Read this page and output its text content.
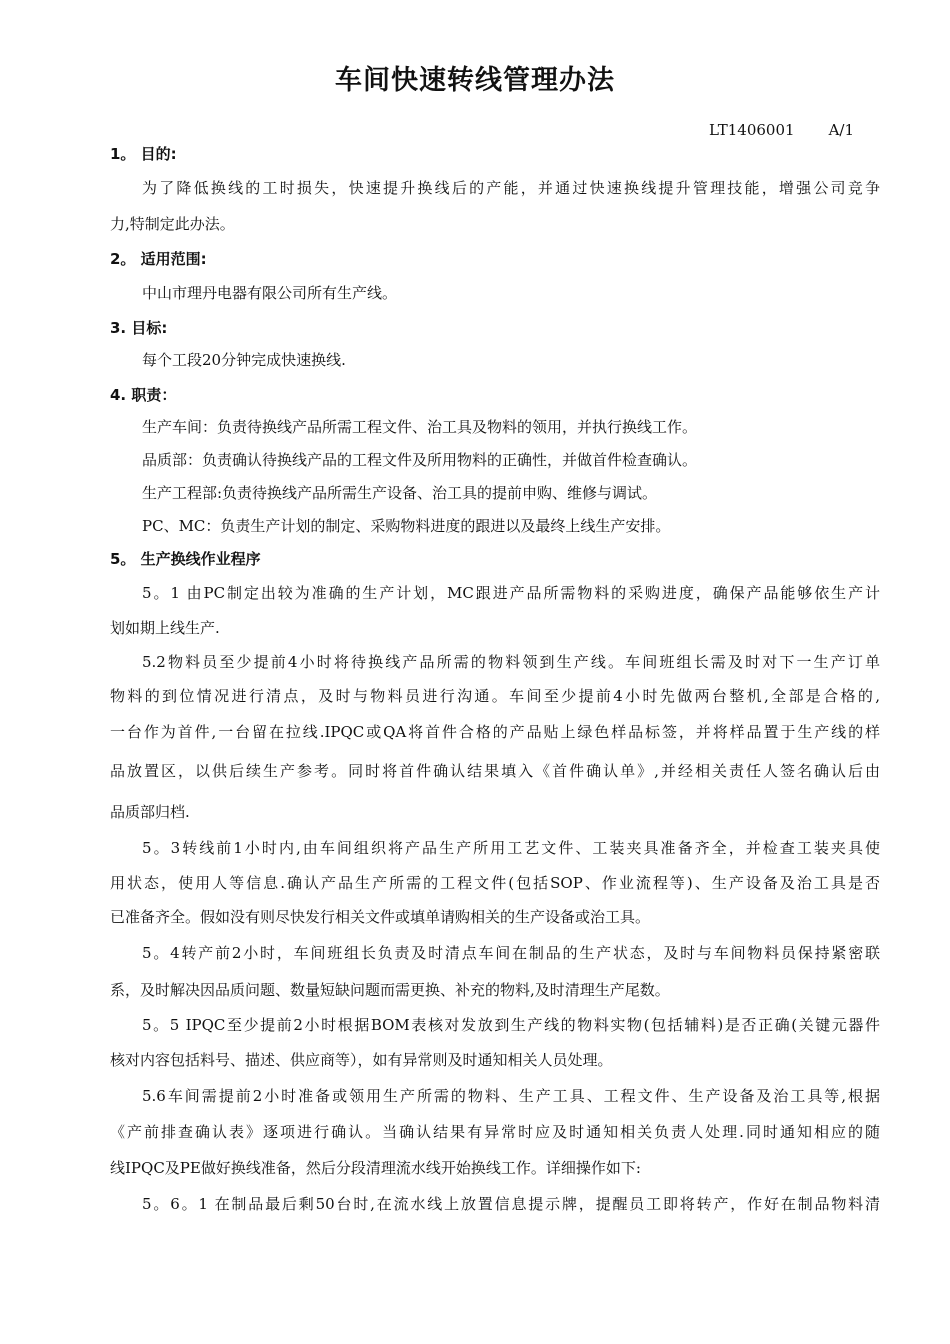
车间快速转线管理办法
LT1406001 A/1
1。 目的:
为了降低换线的工时损失，快速提升换线后的产能，并通过快速换线提升管理技能，增强公司竞争
力,特制定此办法。
2。 适用范围:
中山市理丹电器有限公司所有生产线。
3. 目标:
每个工段20分钟完成快速换线.
4. 职责：
生产车间：负责待换线产品所需工程文件、治工具及物料的领用，并执行换线工作。
品质部：负责确认待换线产品的工程文件及所用物料的正确性，并做首件检查确认。
生产工程部:负责待换线产品所需生产设备、治工具的提前申购、维修与调试。
PC、MC：负责生产计划的制定、采购物料进度的跟进以及最终上线生产安排。
5。 生产换线作业程序
5。1 由PC制定出较为准确的生产计划，MC跟进产品所需物料的采购进度，确保产品能够依生产计
划如期上线生产.
5.2物料员至少提前4小时将待换线产品所需的物料领到生产线。车间班组长需及时对下一生产订单
物料的到位情况进行清点，及时与物料员进行沟通。车间至少提前4小时先做两台整机,全部是合格的,
一台作为首件,一台留在拉线.IPQC或QA将首件合格的产品贴上绿色样品标签，并将样品置于生产线的样
品放置区，以供后续生产参考。同时将首件确认结果填入《首件确认单》,并经相关责任人签名确认后由
品质部归档.
5。3转线前1小时内,由车间组织将产品生产所用工艺文件、工装夹具准备齐全，并检查工装夹具使
用状态，使用人等信息.确认产品生产所需的工程文件(包括SOP、作业流程等)、生产设备及治工具是否
已准备齐全。假如没有则尽快发行相关文件或填单请购相关的生产设备或治工具。
5。4转产前2小时，车间班组长负责及时清点车间在制品的生产状态，及时与车间物料员保持紧密联
系，及时解决因品质问题、数量短缺问题而需更换、补充的物料,及时清理生产尾数。
5。5 IPQC至少提前2小时根据BOM表核对发放到生产线的物料实物(包括辅料)是否正确(关键元器件
核对内容包括料号、描述、供应商等），如有异常则及时通知相关人员处理。
5.6车间需提前2小时准备或领用生产所需的物料、生产工具、工程文件、生产设备及治工具等,根据
《产前排查确认表》逐项进行确认。当确认结果有异常时应及时通知相关负责人处理.同时通知相应的随
线IPQC及PE做好换线准备，然后分段清理流水线开始换线工作。详细操作如下:
5。6。1 在制品最后剩50台时,在流水线上放置信息提示牌，提醒员工即将转产，作好在制品物料清
